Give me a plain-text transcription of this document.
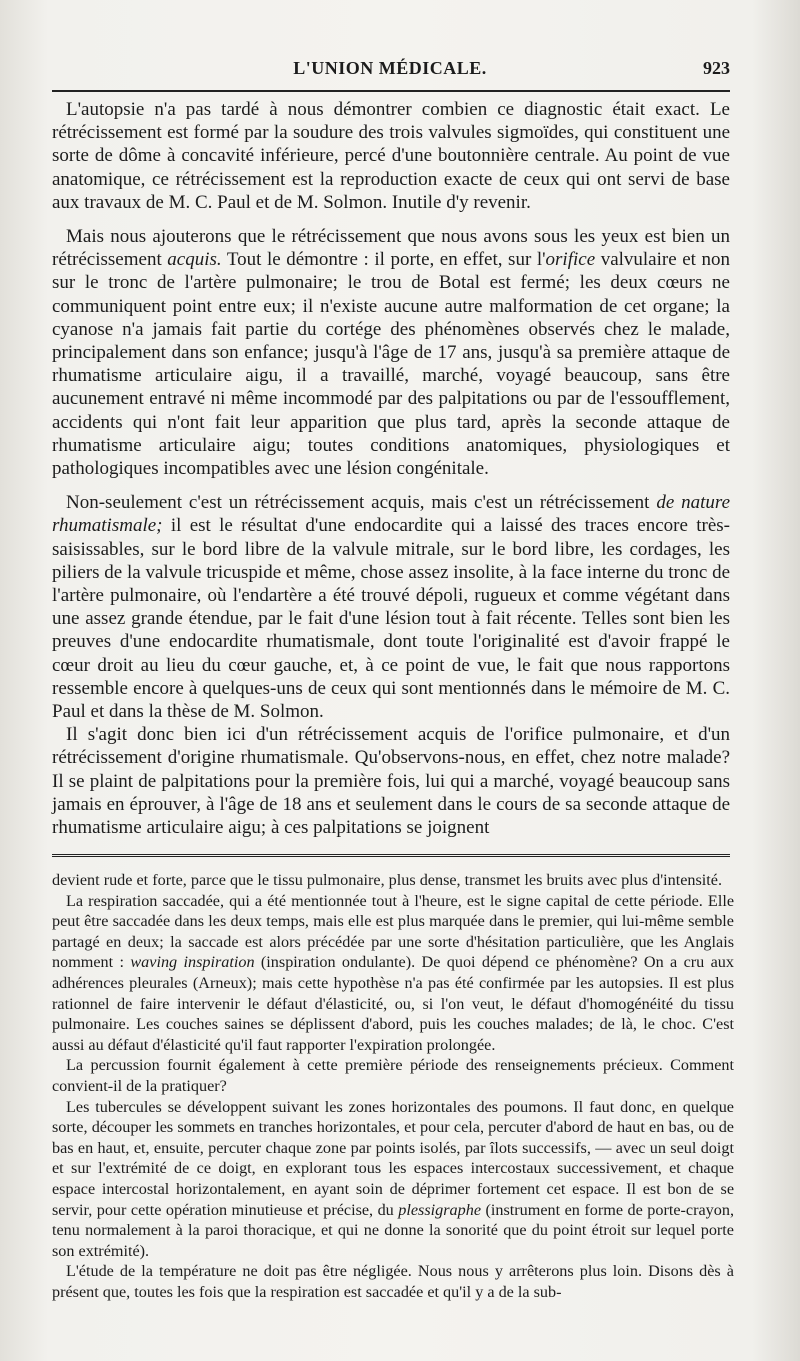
L'UNION MÉDICALE.	923

L'autopsie n'a pas tardé à nous démontrer combien ce diagnostic était exact. Le rétrécissement est formé par la soudure des trois valvules sigmoïdes, qui constituent une sorte de dôme à concavité inférieure, percé d'une boutonnière centrale. Au point de vue anatomique, ce rétrécissement est la reproduction exacte de ceux qui ont servi de base aux travaux de M. C. Paul et de M. Solmon. Inutile d'y revenir.

Mais nous ajouterons que le rétrécissement que nous avons sous les yeux est bien un rétrécissement acquis. Tout le démontre : il porte, en effet, sur l'orifice valvulaire et non sur le tronc de l'artère pulmonaire; le trou de Botal est fermé; les deux cœurs ne communiquent point entre eux; il n'existe aucune autre malformation de cet organe; la cyanose n'a jamais fait partie du cortége des phénomènes observés chez le malade, principalement dans son enfance; jusqu'à l'âge de 17 ans, jusqu'à sa première attaque de rhumatisme articulaire aigu, il a travaillé, marché, voyagé beaucoup, sans être aucunement entravé ni même incommodé par des palpitations ou par de l'essoufflement, accidents qui n'ont fait leur apparition que plus tard, après la seconde attaque de rhumatisme articulaire aigu; toutes conditions anatomiques, physiologiques et pathologiques incompatibles avec une lésion congénitale.

Non-seulement c'est un rétrécissement acquis, mais c'est un rétrécissement de nature rhumatismale; il est le résultat d'une endocardite qui a laissé des traces encore très-saisissables, sur le bord libre de la valvule mitrale, sur le bord libre, les cordages, les piliers de la valvule tricuspide et même, chose assez insolite, à la face interne du tronc de l'artère pulmonaire, où l'endartère a été trouvé dépoli, rugueux et comme végétant dans une assez grande étendue, par le fait d'une lésion tout à fait récente. Telles sont bien les preuves d'une endocardite rhumatismale, dont toute l'originalité est d'avoir frappé le cœur droit au lieu du cœur gauche, et, à ce point de vue, le fait que nous rapportons ressemble encore à quelques-uns de ceux qui sont mentionnés dans le mémoire de M. C. Paul et dans la thèse de M. Solmon.

Il s'agit donc bien ici d'un rétrécissement acquis de l'orifice pulmonaire, et d'un rétrécissement d'origine rhumatismale. Qu'observons-nous, en effet, chez notre malade? Il se plaint de palpitations pour la première fois, lui qui a marché, voyagé beaucoup sans jamais en éprouver, à l'âge de 18 ans et seulement dans le cours de sa seconde attaque de rhumatisme articulaire aigu; à ces palpitations se joignent

devient rude et forte, parce que le tissu pulmonaire, plus dense, transmet les bruits avec plus d'intensité.

La respiration saccadée, qui a été mentionnée tout à l'heure, est le signe capital de cette période. Elle peut être saccadée dans les deux temps, mais elle est plus marquée dans le premier, qui lui-même semble partagé en deux; la saccade est alors précédée par une sorte d'hésitation particulière, que les Anglais nomment : waving inspiration (inspiration ondulante). De quoi dépend ce phénomène? On a cru aux adhérences pleurales (Arneux); mais cette hypothèse n'a pas été confirmée par les autopsies. Il est plus rationnel de faire intervenir le défaut d'élasticité, ou, si l'on veut, le défaut d'homogénéité du tissu pulmonaire. Les couches saines se déplissent d'abord, puis les couches malades; de là, le choc. C'est aussi au défaut d'élasticité qu'il faut rapporter l'expiration prolongée.

La percussion fournit également à cette première période des renseignements précieux. Comment convient-il de la pratiquer?

Les tubercules se développent suivant les zones horizontales des poumons. Il faut donc, en quelque sorte, découper les sommets en tranches horizontales, et pour cela, percuter d'abord de haut en bas, ou de bas en haut, et, ensuite, percuter chaque zone par points isolés, par îlots successifs, — avec un seul doigt et sur l'extrémité de ce doigt, en explorant tous les espaces intercostaux successivement, et chaque espace intercostal horizontalement, en ayant soin de déprimer fortement cet espace. Il est bon de se servir, pour cette opération minutieuse et précise, du plessigraphe (instrument en forme de porte-crayon, tenu normalement à la paroi thoracique, et qui ne donne la sonorité que du point étroit sur lequel porte son extrémité).

L'étude de la température ne doit pas être négligée. Nous nous y arrêterons plus loin. Disons dès à présent que, toutes les fois que la respiration est saccadée et qu'il y a de la sub-
